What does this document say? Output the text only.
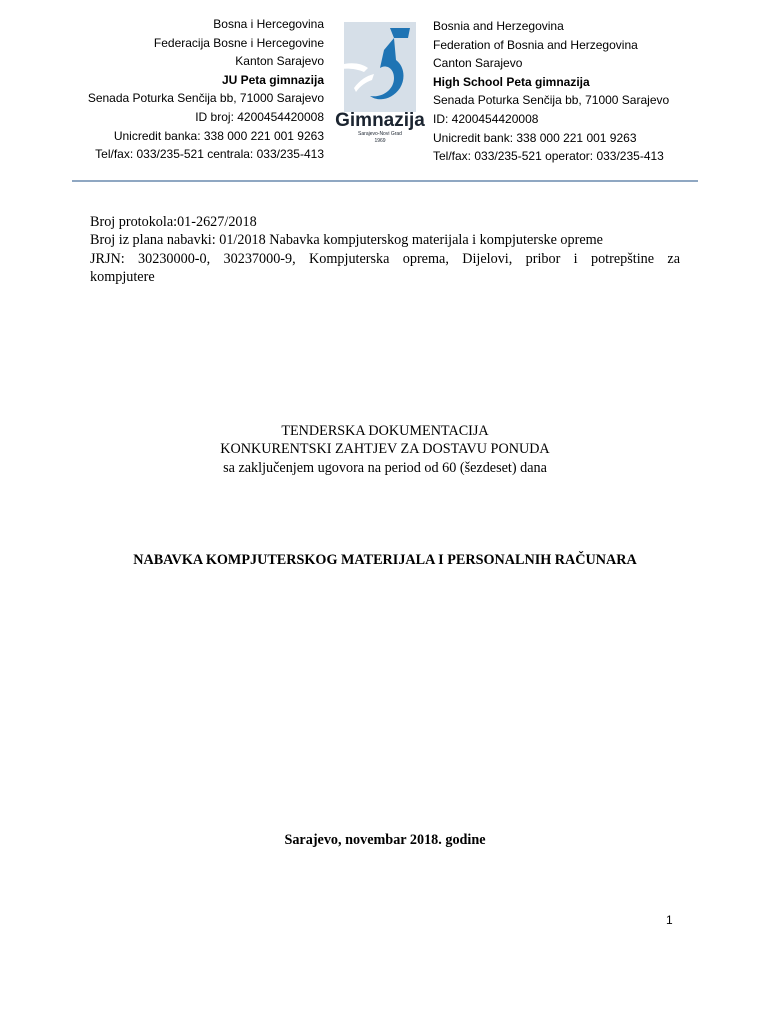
Bosna i Hercegovina
Federacija Bosne i Hercegovine
Kanton Sarajevo
JU Peta gimnazija
Senada Poturka Senčija bb, 71000 Sarajevo
ID broj: 4200454420008
Unicredit banka: 338 000 221 001 9263
Tel/fax: 033/235-521 centrala: 033/235-413
Gimnazija
Sarajevo-Novi Grad
1969
Bosnia and Herzegovina
Federation of Bosnia and Herzegovina
Canton Sarajevo
High School Peta gimnazija
Senada Poturka Senčija bb, 71000 Sarajevo
ID: 4200454420008
Unicredit bank: 338 000 221 001 9263
Tel/fax: 033/235-521 operator: 033/235-413
Broj protokola:01-2627/2018
Broj iz plana nabavki: 01/2018 Nabavka kompjuterskog materijala i kompjuterske opreme
JRJN: 30230000-0, 30237000-9, Kompjuterska oprema, Dijelovi, pribor i potrepštine za
kompjutere
TENDERSKA DOKUMENTACIJA
KONKURENTSKI ZAHTJEV ZA DOSTAVU PONUDA
sa zaključenjem ugovora na period od 60 (šezdeset) dana
NABAVKA KOMPJUTERSKOG MATERIJALA I PERSONALNIH RAČUNARA
Sarajevo, novembar 2018. godine
1
